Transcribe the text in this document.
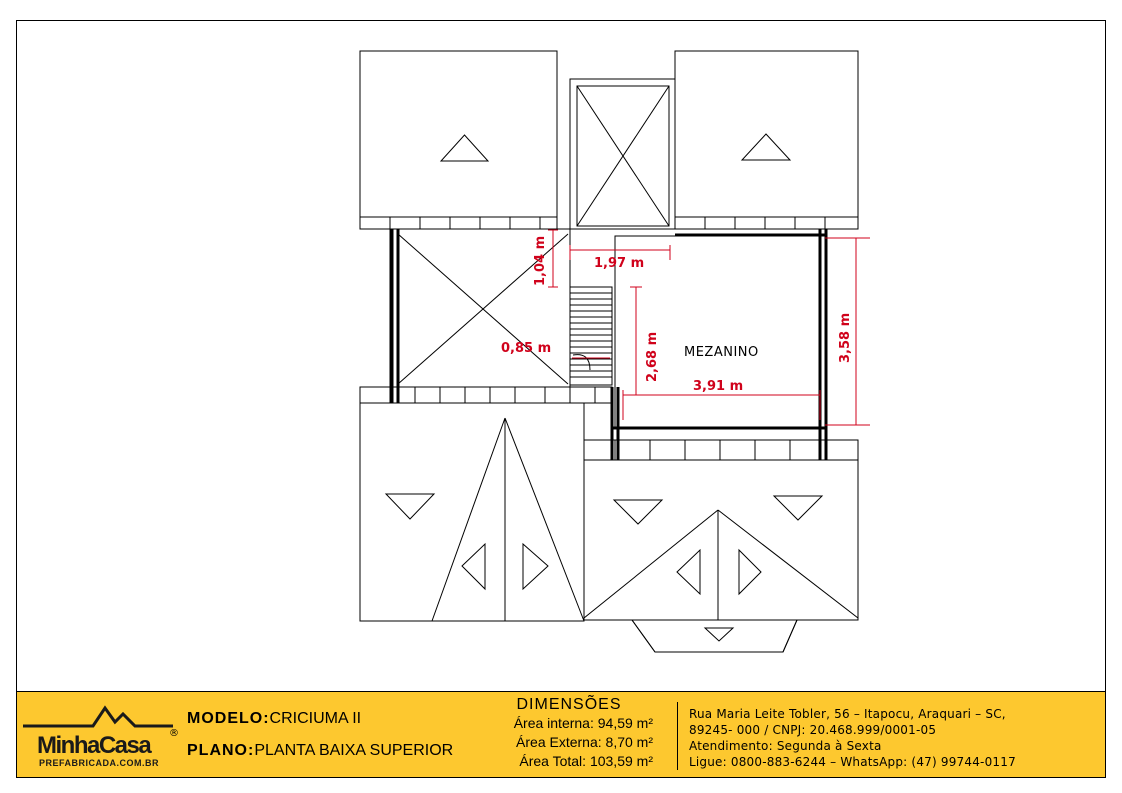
1,04 m	1,97 m
0,85 m	2,68 m
3,91 m
3,58 m
MEZANINO
MinhaCasa ®
PREFABRICADA.COM.BR
MODELO:CRICIUMA II
PLANO:PLANTA BAIXA SUPERIOR
DIMENSÕES
Área interna: 94,59 m²
Área Externa: 8,70 m²
Área Total: 103,59 m²
Rua Maria Leite Tobler, 56 – Itapocu, Araquari – SC,
89245- 000 / CNPJ: 20.468.999/0001-05
Atendimento: Segunda à Sexta
Ligue: 0800-883-6244 – WhatsApp: (47) 99744-0117
